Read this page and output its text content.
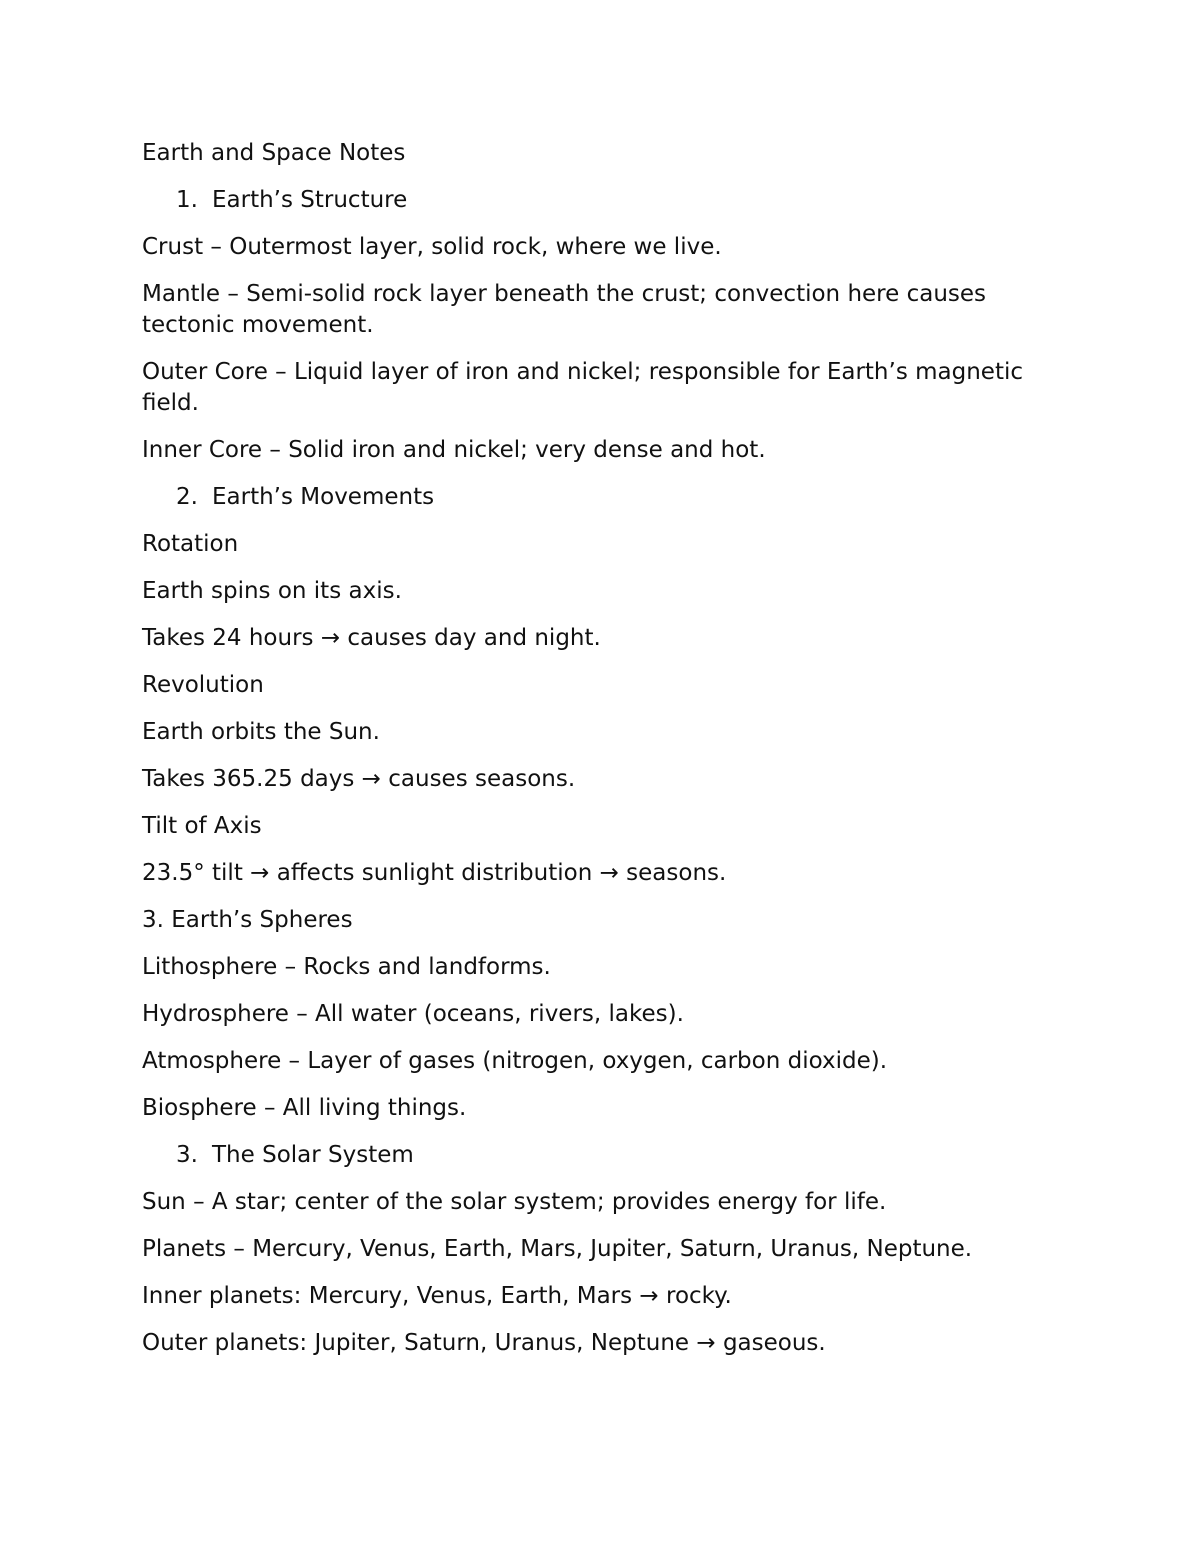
Earth and Space Notes

1. Earth’s Structure

Crust – Outermost layer, solid rock, where we live.

Mantle – Semi-solid rock layer beneath the crust; convection here causes tectonic movement.

Outer Core – Liquid layer of iron and nickel; responsible for Earth’s magnetic field.

Inner Core – Solid iron and nickel; very dense and hot.

2. Earth’s Movements

Rotation

Earth spins on its axis.

Takes 24 hours → causes day and night.

Revolution

Earth orbits the Sun.

Takes 365.25 days → causes seasons.

Tilt of Axis

23.5° tilt → affects sunlight distribution → seasons.

3. Earth’s Spheres

Lithosphere – Rocks and landforms.

Hydrosphere – All water (oceans, rivers, lakes).

Atmosphere – Layer of gases (nitrogen, oxygen, carbon dioxide).

Biosphere – All living things.

3. The Solar System

Sun – A star; center of the solar system; provides energy for life.

Planets – Mercury, Venus, Earth, Mars, Jupiter, Saturn, Uranus, Neptune.

Inner planets: Mercury, Venus, Earth, Mars → rocky.

Outer planets: Jupiter, Saturn, Uranus, Neptune → gaseous.
